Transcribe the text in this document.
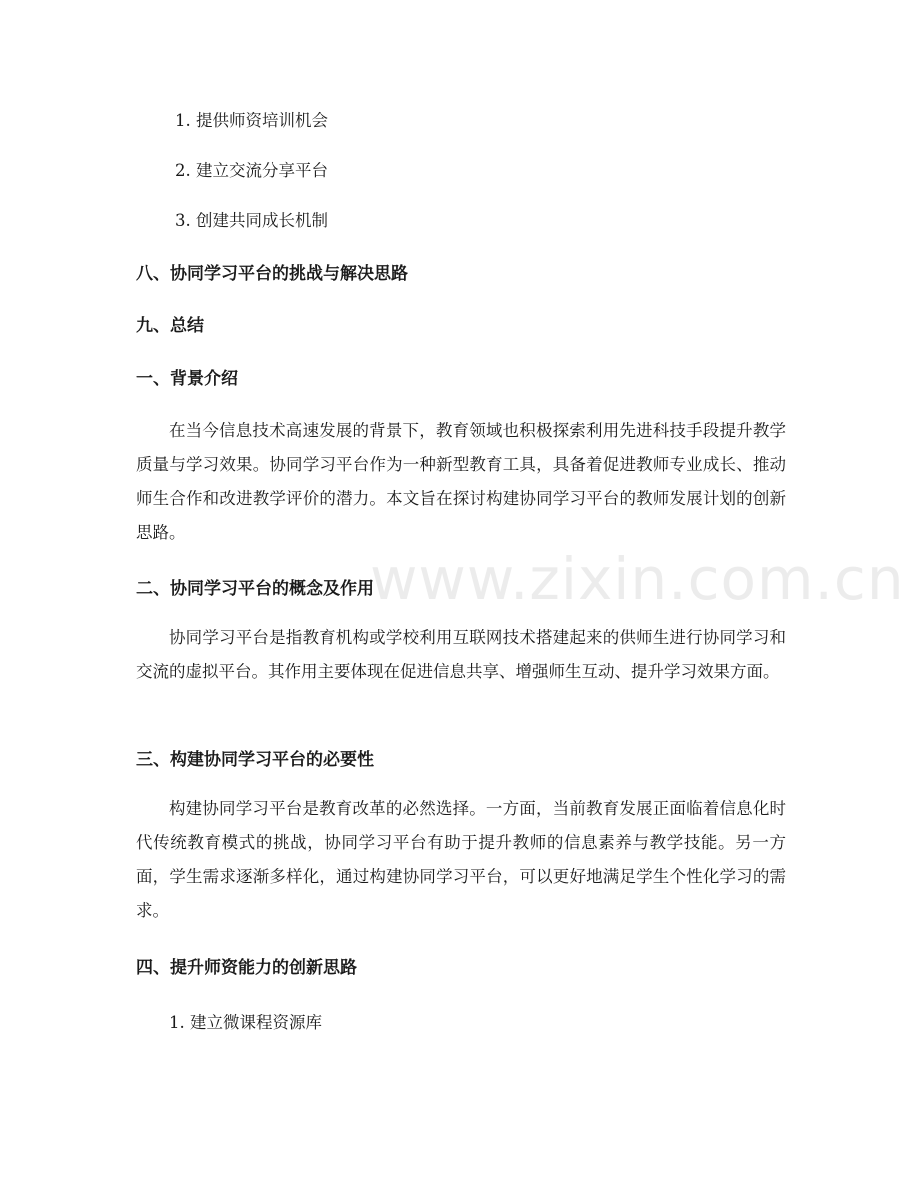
www.zixin.com.cn
1. 提供师资培训机会
2. 建立交流分享平台
3. 创建共同成长机制
八、协同学习平台的挑战与解决思路
九、总结
一、背景介绍
在当今信息技术高速发展的背景下，教育领域也积极探索利用先进科技手段提升教学质量与学习效果。协同学习平台作为一种新型教育工具，具备着促进教师专业成长、推动师生合作和改进教学评价的潜力。本文旨在探讨构建协同学习平台的教师发展计划的创新思路。
二、协同学习平台的概念及作用
协同学习平台是指教育机构或学校利用互联网技术搭建起来的供师生进行协同学习和交流的虚拟平台。其作用主要体现在促进信息共享、增强师生互动、提升学习效果方面。
三、构建协同学习平台的必要性
构建协同学习平台是教育改革的必然选择。一方面，当前教育发展正面临着信息化时代传统教育模式的挑战，协同学习平台有助于提升教师的信息素养与教学技能。另一方面，学生需求逐渐多样化，通过构建协同学习平台，可以更好地满足学生个性化学习的需求。
四、提升师资能力的创新思路
1. 建立微课程资源库
